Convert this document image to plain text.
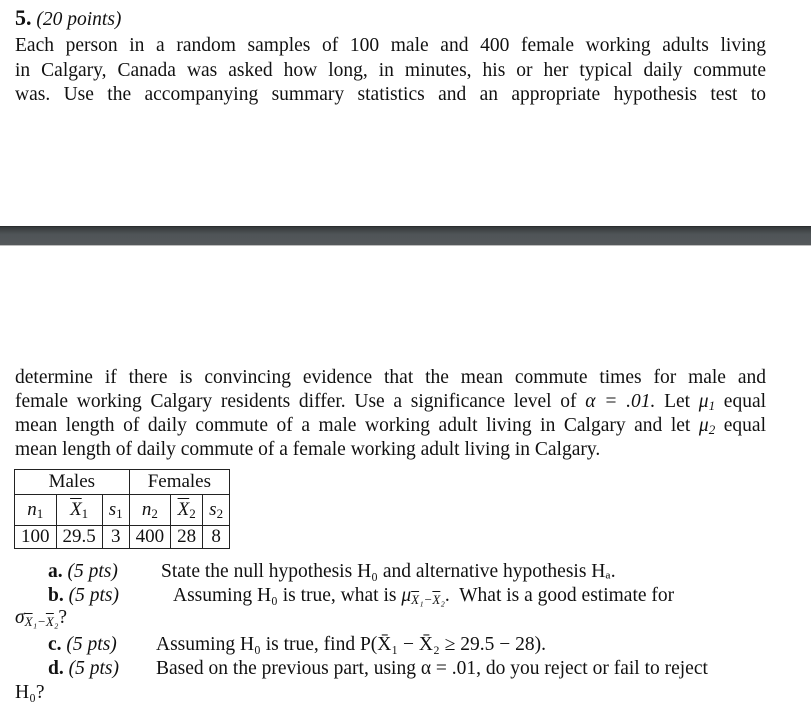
5. (20 points)
Each person in a random samples of 100 male and 400 female working adults living
in Calgary, Canada was asked how long, in minutes, his or her typical daily commute
was. Use the accompanying summary statistics and an appropriate hypothesis test to
determine if there is convincing evidence that the mean commute times for male and
female working Calgary residents differ. Use a significance level of α = .01. Let $\mu_1$ equal
mean length of daily commute of a male working adult living in Calgary and let $\mu_2$ equal
mean length of daily commute of a female working adult living in Calgary.
Males			Females		
$n_1$	$\overline{X}_1$	$s_1$	$n_2$	$\overline{X}_2$	$s_2$
100	29.5	3	400	28	8
a. (5 pts) State the null hypothesis H₀ and alternative hypothesis Hₐ.
b. (5 pts)	Assuming H₀ is true, what is $\mu_{\overline{X}_1-\overline{X}_2}$.  What is a good estimate for
$\sigma_{\overline{X}_1-\overline{X}_2}$?
c. (5 pts) Assuming H₀ is true, find P(X̄₁ − X̄₂ ≥ 29.5 − 28).
d. (5 pts) Based on the previous part, using α = .01, do you reject or fail to reject
H₀?
